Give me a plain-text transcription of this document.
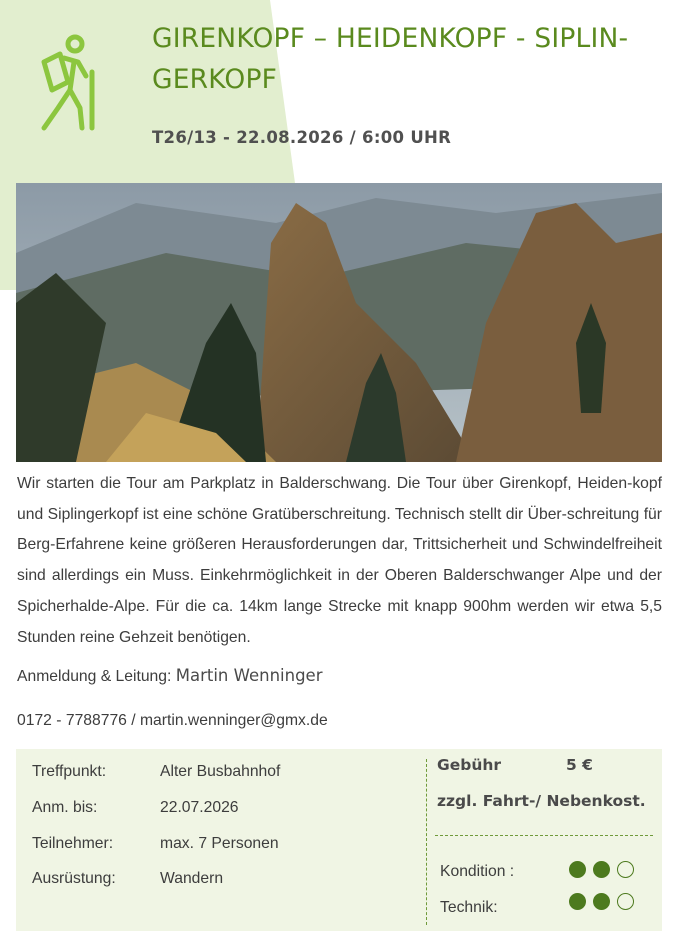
GIRENKOPF – HEIDENKOPF - SIPLIN-
GERKOPF
T26/13 - 22.08.2026 / 6:00 UHR

Wir starten die Tour am Parkplatz in Balderschwang. Die Tour über Girenkopf, Heiden-kopf und Siplingerkopf ist eine schöne Gratüberschreitung. Technisch stellt dir Über-schreitung für Berg-Erfahrene keine größeren Herausforderungen dar, Trittsicherheit und Schwindelfreiheit sind allerdings ein Muss. Einkehrmöglichkeit in der Oberen Balderschwanger Alpe und der Spicherhalde-Alpe. Für die ca. 14km lange Strecke mit knapp 900hm werden wir etwa 5,5 Stunden reine Gehzeit benötigen.

Anmeldung & Leitung: Martin Wenninger
0172 - 7788776 / martin.wenninger@gmx.de
Treffpunkt:	Alter Busbahnhof
Anm. bis:	22.07.2026
Teilnehmer:	max. 7 Personen
Ausrüstung:	Wandern
Gebühr	5 €
zzgl. Fahrt-/ Nebenkost.
Kondition :
Technik:
